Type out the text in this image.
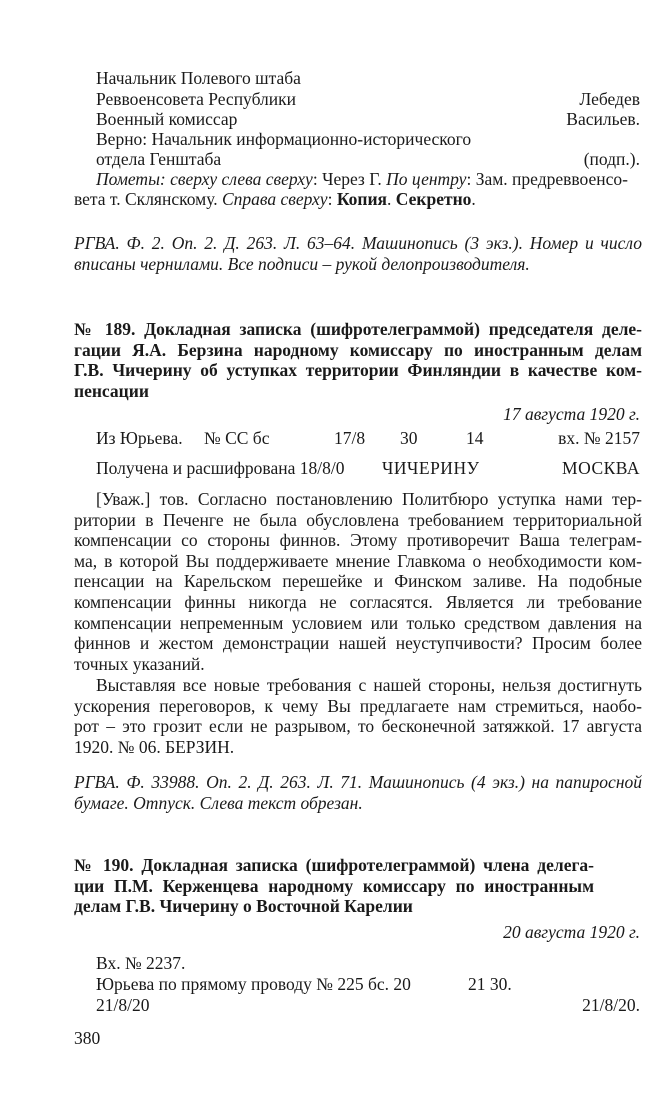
Начальник Полевого штаба
Реввоенсовета Республики	Лебедев
Военный комиссар	Васильев.
Верно: Начальник информационно-исторического
отдела Генштаба	(подп.).
Пометы: сверху слева сверху: Через Г. По центру: Зам. предреввоенсо-
вета т. Склянскому. Справа сверху: Копия. Секретно.
РГВА. Ф. 2. Оп. 2. Д. 263. Л. 63–64. Машинопись (3 экз.). Номер и число
вписаны чернилами. Все подписи – рукой делопроизводителя.
№ 189. Докладная записка (шифротелеграммой) председателя деле-
гации Я.А. Берзина народному комиссару по иностранным делам
Г.В. Чичерину об уступках территории Финляндии в качестве ком-
пенсации
17 августа 1920 г.
Из Юрьева. № СС бс	17/8 30	14	вх. № 2157
Получена и расшифрована 18/8/0 ЧИЧЕРИНУ	МОСКВА
[Уваж.] тов. Согласно постановлению Политбюро уступка нами тер-
ритории в Печенге не была обусловлена требованием территориальной
компенсации со стороны финнов. Этому противоречит Ваша телеграм-
ма, в которой Вы поддерживаете мнение Главкома о необходимости ком-
пенсации на Карельском перешейке и Финском заливе. На подобные
компенсации финны никогда не согласятся. Является ли требование
компенсации непременным условием или только средством давления на
финнов и жестом демонстрации нашей неуступчивости? Просим более
точных указаний.
Выставляя все новые требования с нашей стороны, нельзя достигнуть
ускорения переговоров, к чему Вы предлагаете нам стремиться, наобо-
рот – это грозит если не разрывом, то бесконечной затяжкой. 17 августа
1920. № 06. БЕРЗИН.
РГВА. Ф. 33988. Оп. 2. Д. 263. Л. 71. Машинопись (4 экз.) на папиросной
бумаге. Отпуск. Слева текст обрезан.
№ 190. Докладная записка (шифротелеграммой) члена делега-
ции П.М. Керженцева народному комиссару по иностранным
делам Г.В. Чичерину о Восточной Карелии
20 августа 1920 г.
Вх. № 2237.
Юрьева по прямому проводу № 225 бс. 20	21 30.
21/8/20	21/8/20.
380
